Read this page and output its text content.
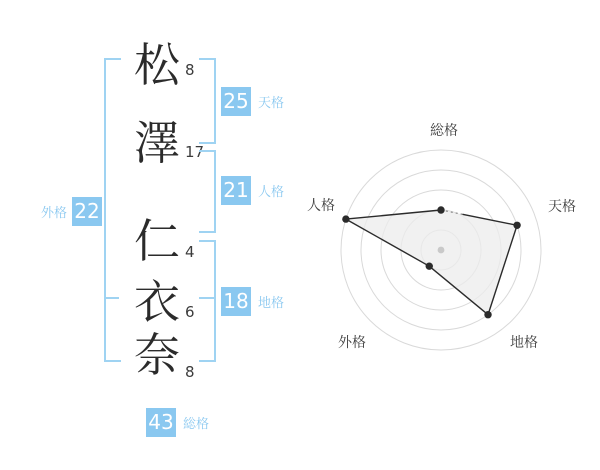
松
澤
仁
衣
奈
8
17
4
6
8
25 天格
21 人格
18 地格
外格 22
43 総格
総格
天格
地格
外格
人格
